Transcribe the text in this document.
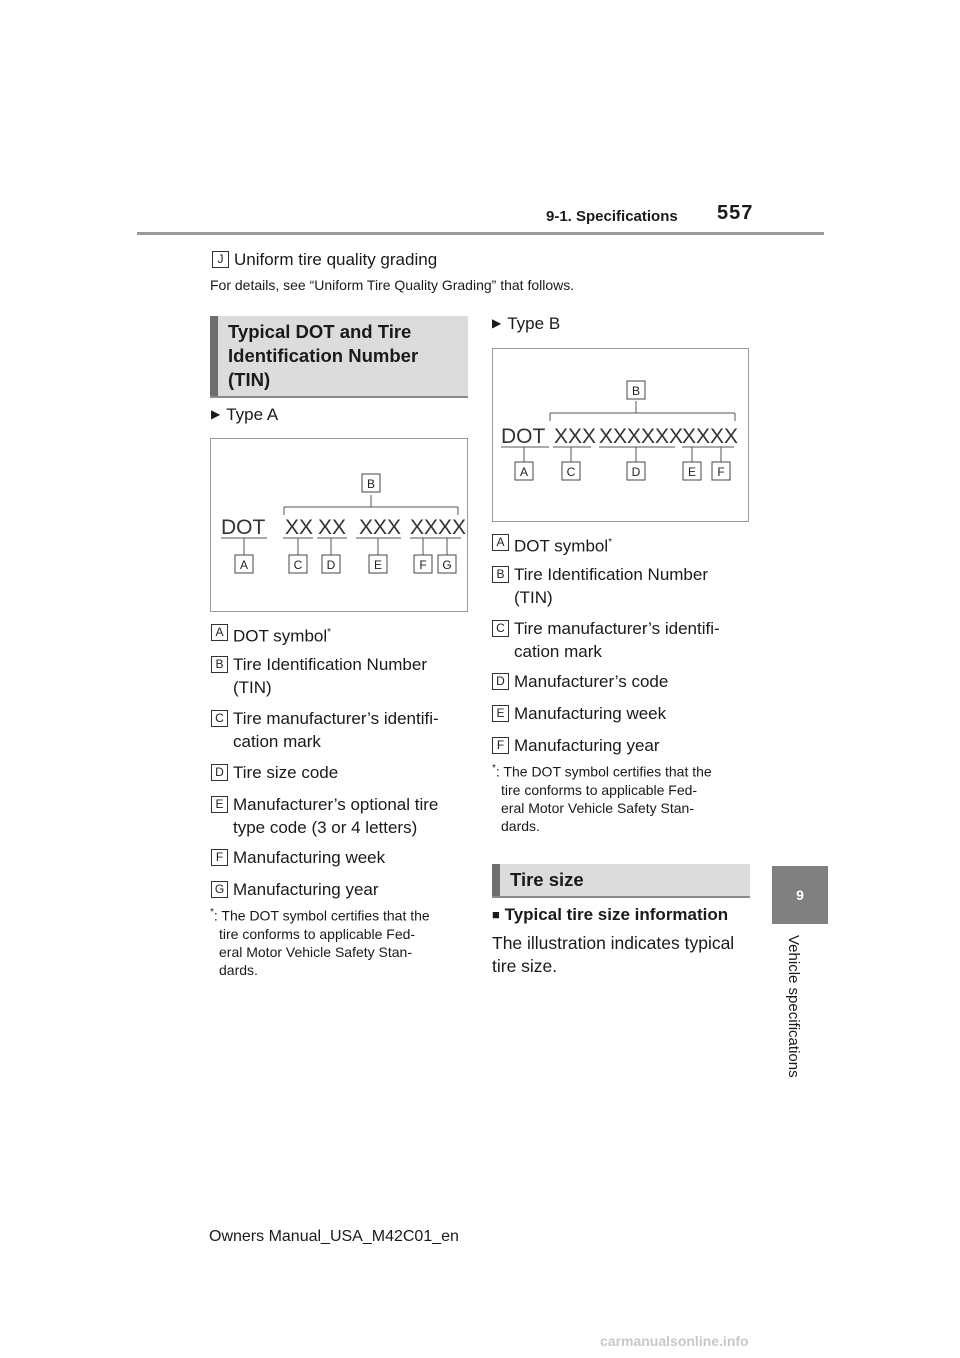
9-1. Specifications 557
9
Vehicle specifications
J Uniform tire quality grading
For details, see “Uniform Tire Quality Grading” that follows.
Typical DOT and Tire
Identification Number
(TIN)
▶ Type A
DOT XX XX XXX XXXX
B
A	C D	E	F G
A DOT symbol*
B Tire Identification Number
(TIN)
C Tire manufacturer’s identifi-
cation mark
D Tire size code
E Manufacturer’s optional tire
type code (3 or 4 letters)
F Manufacturing week
G Manufacturing year
*: The DOT symbol certifies that the
tire conforms to applicable Fed-
eral Motor Vehicle Safety Stan-
dards.
▶ Type B
DOT XXX XXXXXX
XXXX
B
A	C	D	E F
A DOT symbol*
B Tire Identification Number
(TIN)
C Tire manufacturer’s identifi-
cation mark
D Manufacturer’s code
E Manufacturing week
F Manufacturing year
*: The DOT symbol certifies that the
tire conforms to applicable Fed-
eral Motor Vehicle Safety Stan-
dards.
Tire size
■ Typical tire size information
The illustration indicates typical
tire size.
Owners Manual_USA_M42C01_en
carmanualsonline.info
